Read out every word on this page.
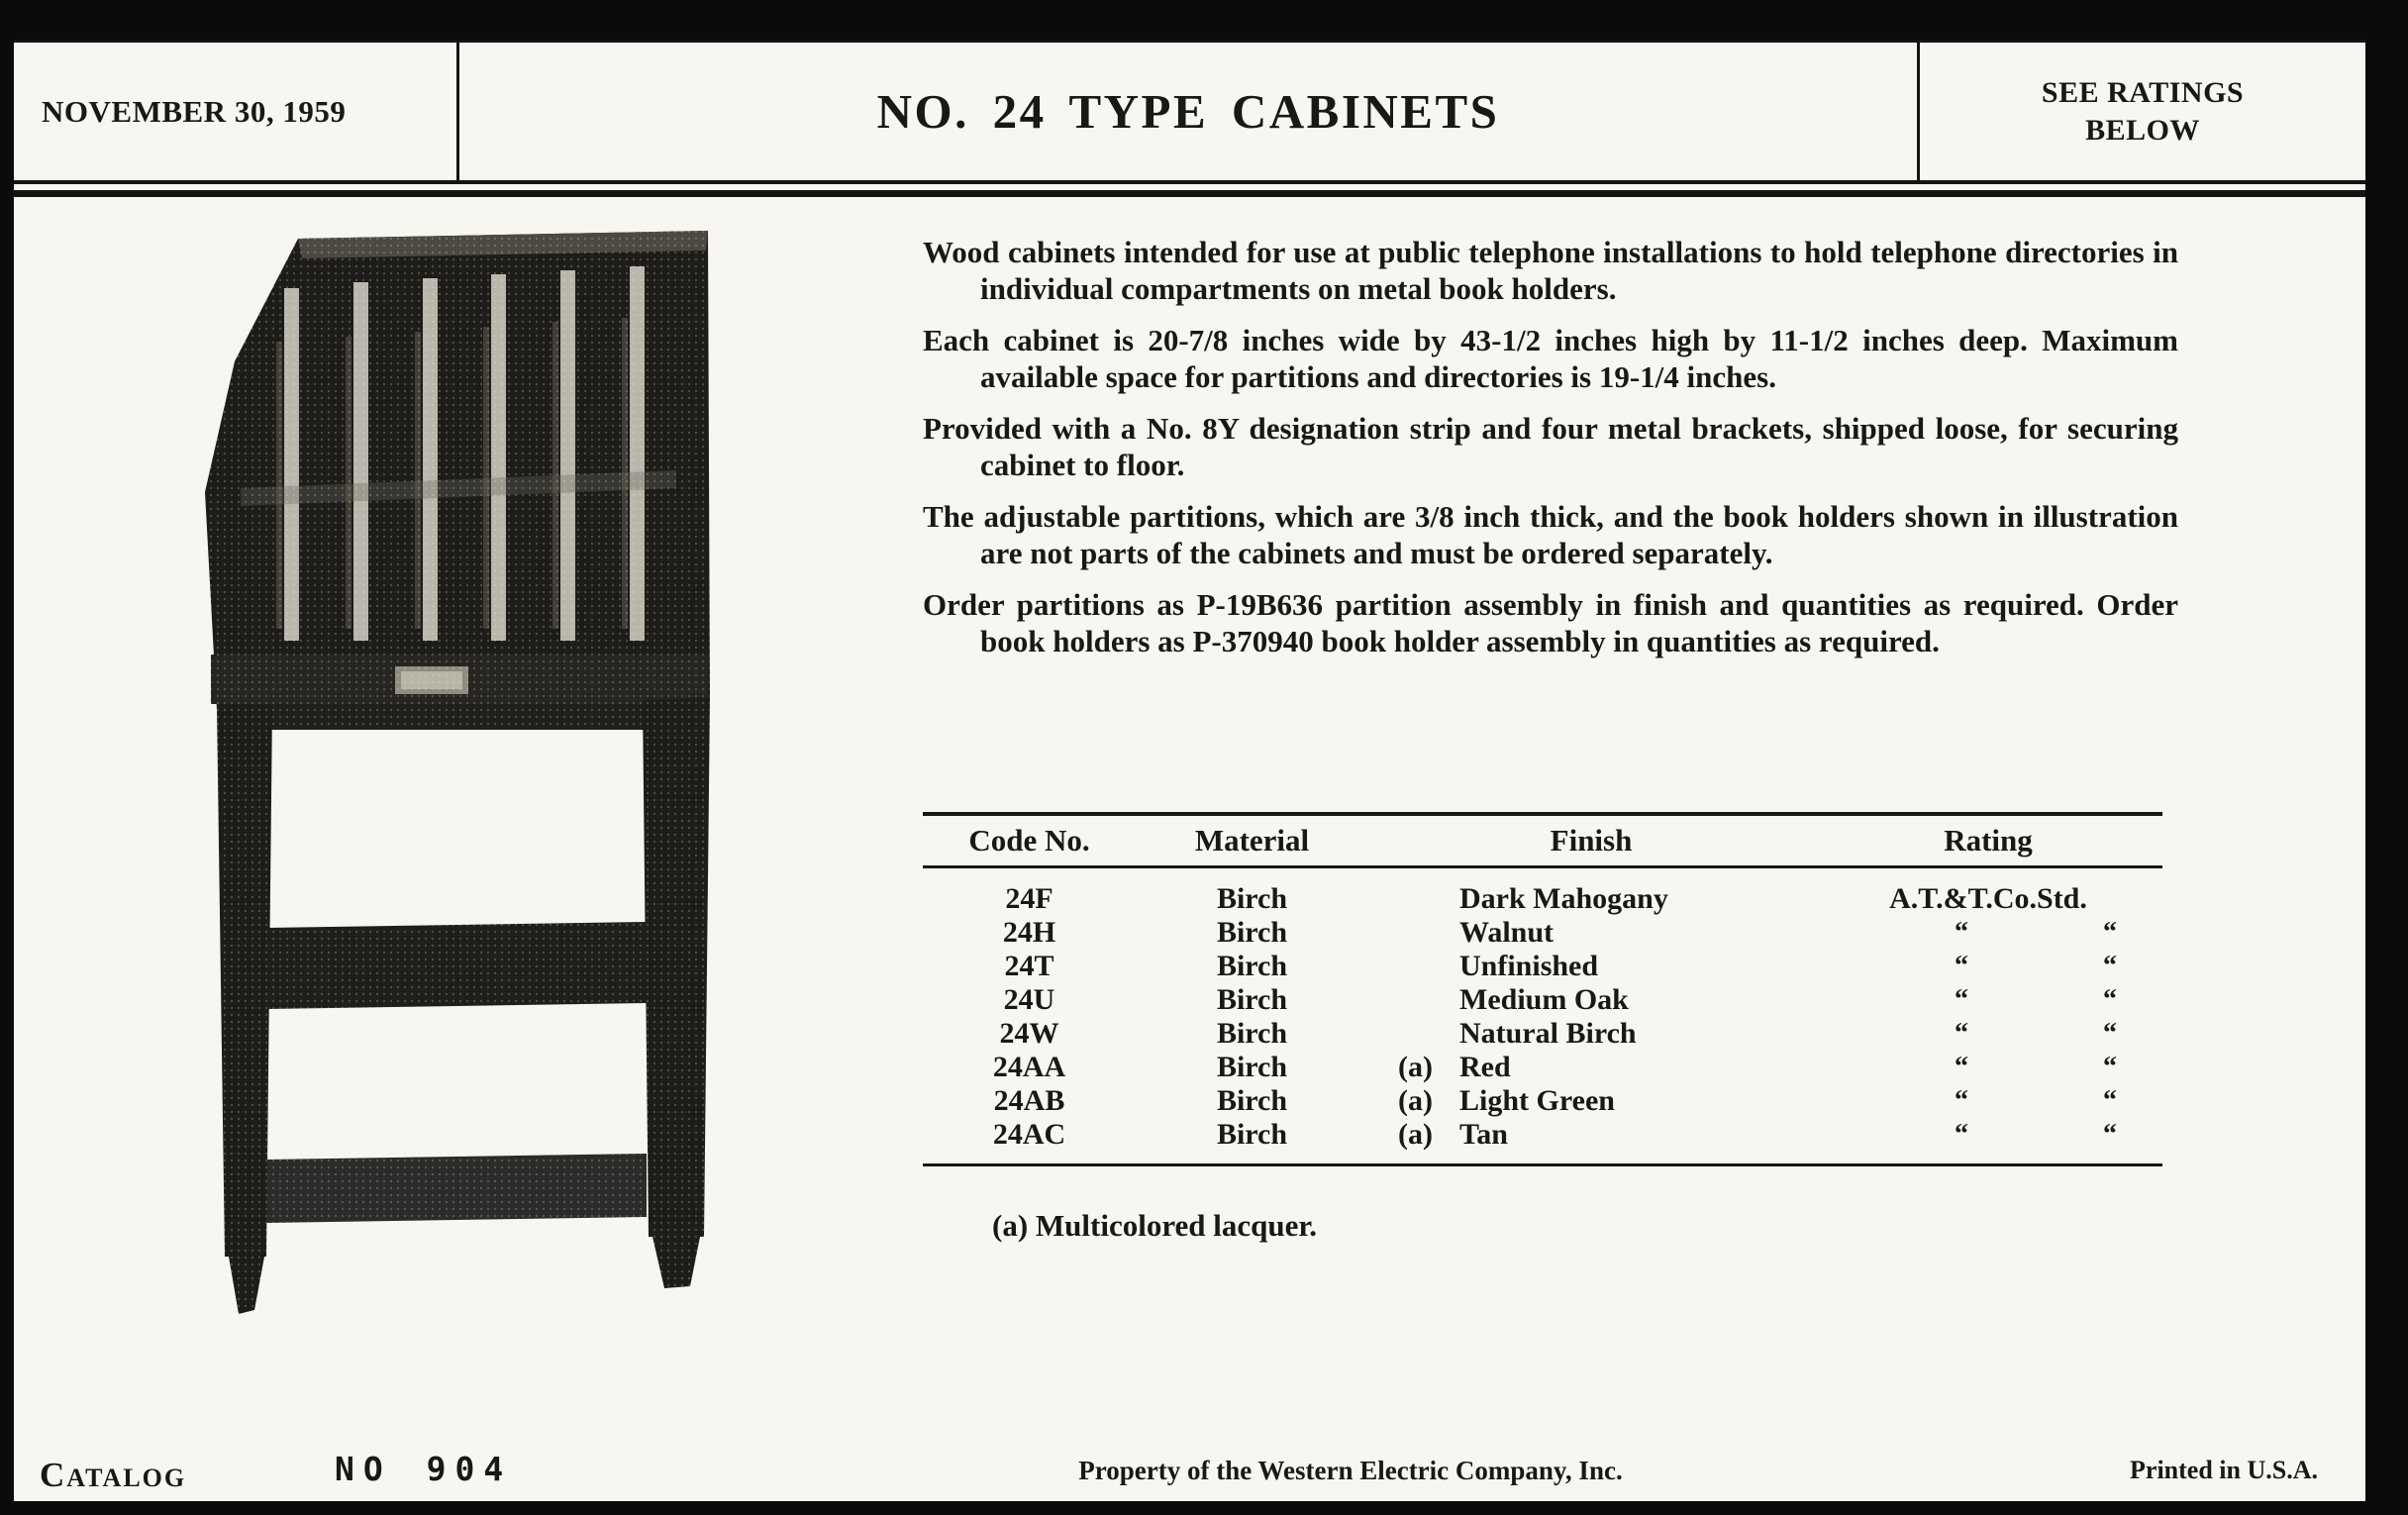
NOVEMBER 30, 1959	NO. 24 TYPE CABINETS	SEE RATINGS
BELOW

Wood cabinets intended for use at public telephone installations to hold telephone directories in individual compartments on metal book holders.

Each cabinet is 20-7/8 inches wide by 43-1/2 inches high by 11-1/2 inches deep. Maximum available space for partitions and directories is 19-1/4 inches.

Provided with a No. 8Y designation strip and four metal brackets, shipped loose, for securing cabinet to floor.

The adjustable partitions, which are 3/8 inch thick, and the book holders shown in illustration are not parts of the cabinets and must be ordered separately.

Order partitions as P-19B636 partition assembly in finish and quantities as required. Order book holders as P-370940 book holder assembly in quantities as required.

Code No.	Material	Finish	Rating
24F	Birch	Dark Mahogany	A.T.&T.Co.Std.
24H	Birch	Walnut	“	“
24T	Birch	Unfinished	“	“
24U	Birch	Medium Oak	“	“
24W	Birch	Natural Birch	“	“
24AA	Birch	(a) Red	“	“
24AB	Birch	(a) Light Green	“	“
24AC	Birch	(a) Tan	“	“
(a) Multicolored lacquer.
CATALOG	NO 904	Property of the Western Electric Company, Inc.	Printed in U.S.A.
